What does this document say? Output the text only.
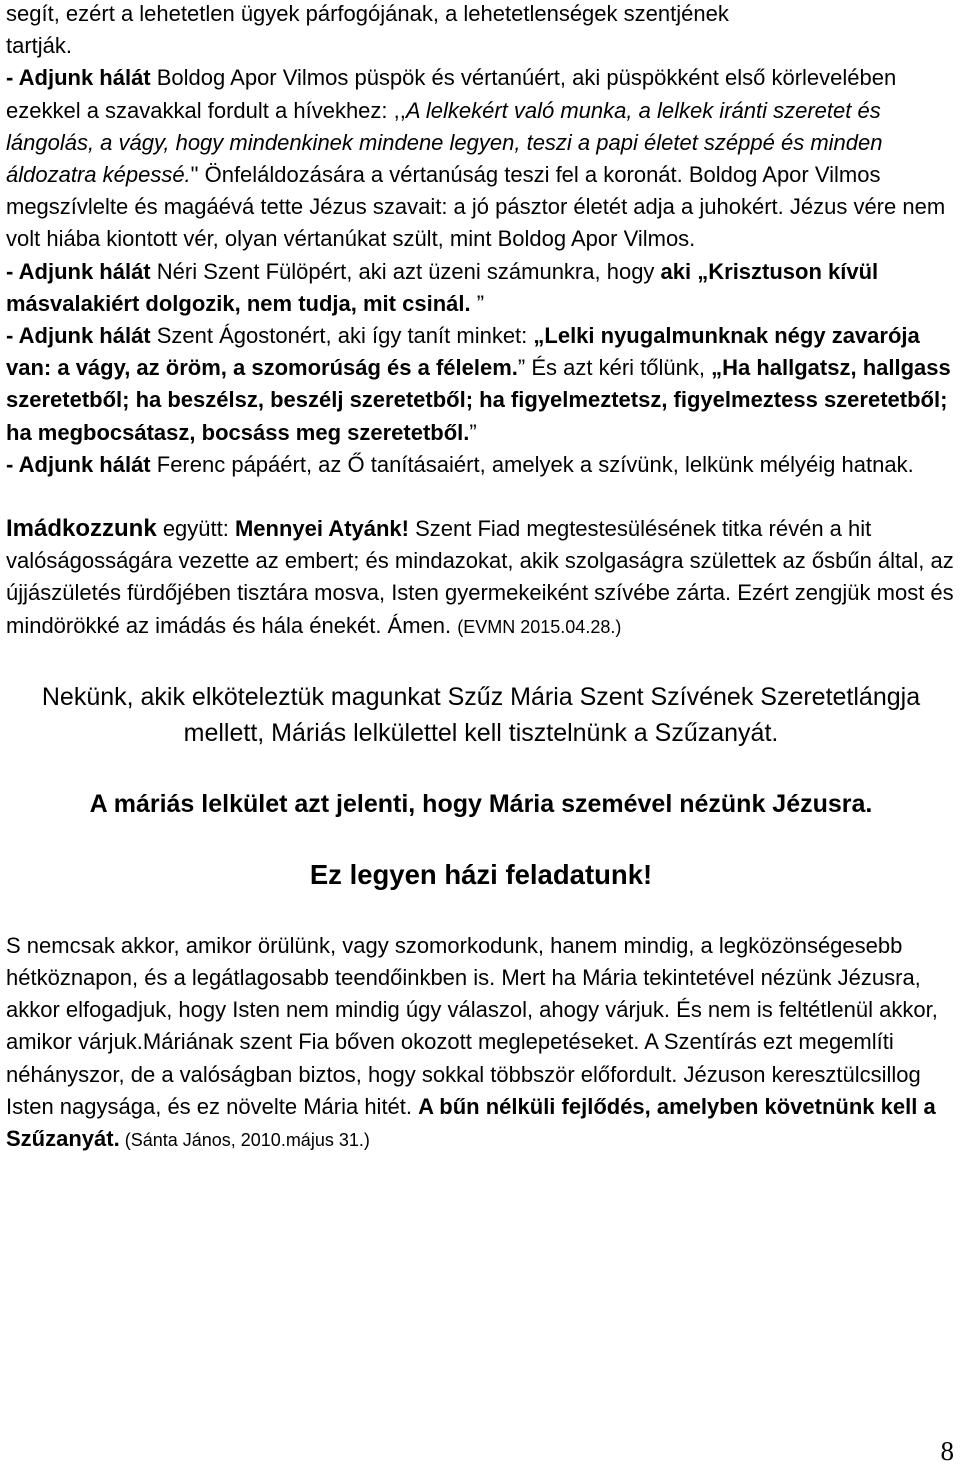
segít, ezért a lehetetlen ügyek párfogójának, a lehetetlenségek szentjének
tartják.

- Adjunk hálát Boldog Apor Vilmos püspök és vértanúért, aki püspökként első körlevelében ezekkel a szavakkal fordult a hívekhez: ,,A lelkekért való munka, a lelkek iránti szeretet és lángolás, a vágy, hogy mindenkinek mindene legyen, teszi a papi életet széppé és minden áldozatra képessé." Önfeláldozására a vértanúság teszi fel a koronát. Boldog Apor Vilmos megszívlelte és magáévá tette Jézus szavait: a jó pásztor életét adja a juhokért. Jézus vére nem volt hiába kiontott vér, olyan vértanúkat szült, mint Boldog Apor Vilmos.

- Adjunk hálát Néri Szent Fülöpért, aki azt üzeni számunkra, hogy aki „Krisztuson kívül másvalakiért dolgozik, nem tudja, mit csinál. ”

- Adjunk hálát Szent Ágostonért, aki így tanít minket: „Lelki nyugalmunknak négy zavarója van: a vágy, az öröm, a szomorúság és a félelem.” És azt kéri tőlünk, „Ha hallgatsz, hallgass szeretetből; ha beszélsz, beszélj szeretetből; ha figyelmeztetsz, figyelmeztess szeretetből; ha megbocsátasz, bocsáss meg szeretetből.”

- Adjunk hálát Ferenc pápáért, az Ő tanításaiért, amelyek a szívünk, lelkünk mélyéig hatnak.

Imádkozzunk együtt: Mennyei Atyánk! Szent Fiad megtestesülésének titka révén a hit valóságosságára vezette az embert; és mindazokat, akik szolgaságra születtek az ősbűn által, az újjászületés fürdőjében tisztára mosva, Isten gyermekeiként szívébe zárta. Ezért zengjük most és mindörökké az imádás és hála énekét. Ámen. (EVMN 2015.04.28.)

Nekünk, akik elköteleztük magunkat Szűz Mária Szent Szívének Szeretetlángja mellett, Máriás lelkülettel kell tisztelnünk a Szűzanyát.

A máriás lelkület azt jelenti, hogy Mária szemével nézünk Jézusra.

Ez legyen házi feladatunk!

S nemcsak akkor, amikor örülünk, vagy szomorkodunk, hanem mindig, a legközönségesebb hétköznapon, és a legátlagosabb teendőinkben is. Mert ha Mária tekintetével nézünk Jézusra, akkor elfogadjuk, hogy Isten nem mindig úgy válaszol, ahogy várjuk. És nem is feltétlenül akkor, amikor várjuk.Máriának szent Fia bőven okozott meglepetéseket. A Szentírás ezt megemlíti néhányszor, de a valóságban biztos, hogy sokkal többször előfordult. Jézuson keresztülcsillog Isten nagysága, és ez növelte Mária hitét. A bűn nélküli fejlődés, amelyben követnünk kell a Szűzanyát. (Sánta János, 2010.május 31.)

8
